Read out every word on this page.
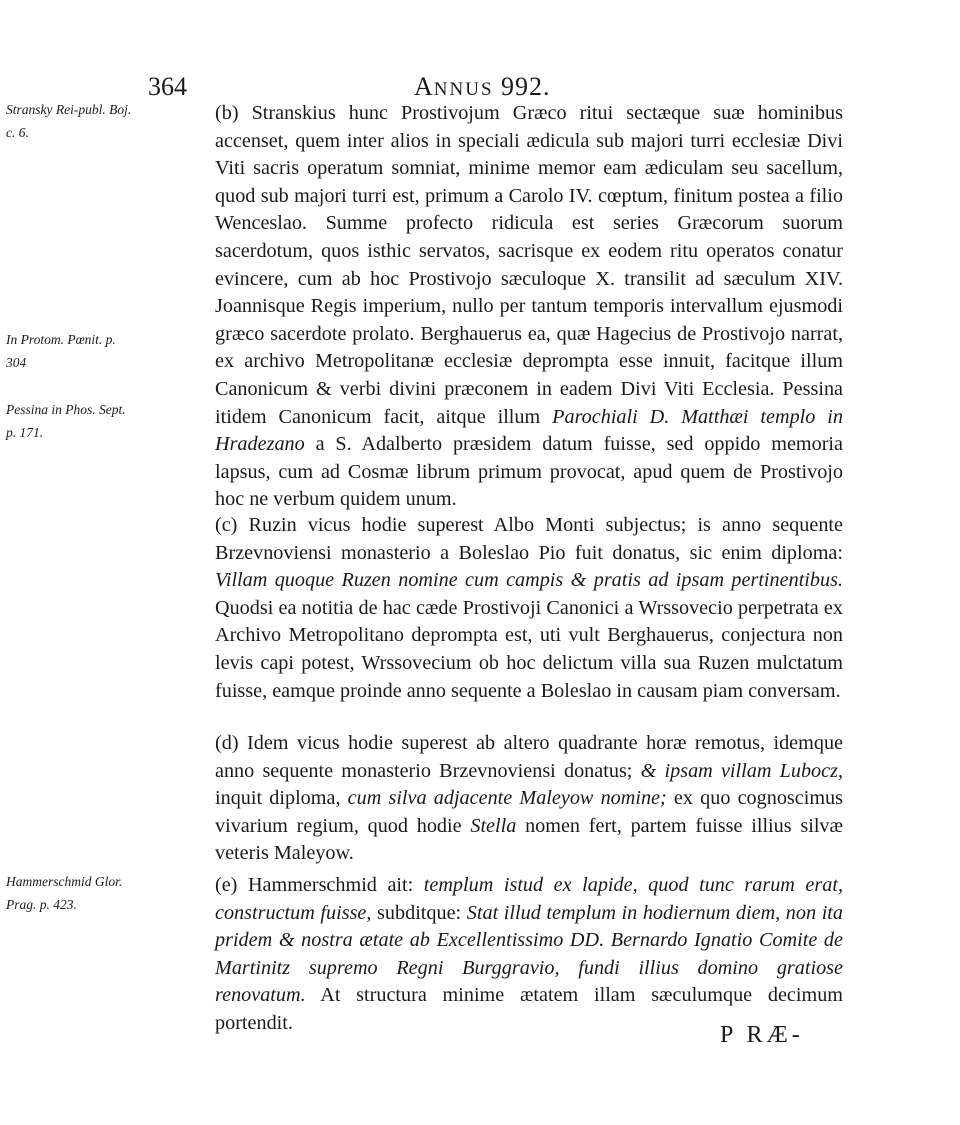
364	ANNUS 992.
Stransky Rei-publ. Boj. c. 6.
In Protom. Pœnit. p. 304
Pessina in Phos. Sept. p. 171.
Hammerschmid Glor. Prag. p. 423.

(b) Stranskius hunc Prostivojum Græco ritui sectæque suæ hominibus accenset, quem inter alios in speciali ædicula sub majori turri ecclesiæ Divi Viti sacris operatum somniat, minime memor eam ædiculam seu sacellum, quod sub majori turri est, primum a Carolo IV. cœptum, finitum postea a filio Wenceslao. Summe profecto ridicula est series Græcorum suorum sacerdotum, quos isthic servatos, sacrisque ex eodem ritu operatos conatur evincere, cum ab hoc Prostivojo sæculoque X. transilit ad sæculum XIV. Joannisque Regis imperium, nullo per tantum temporis intervallum ejusmodi græco sacerdote prolato. Berghauerus ea, quæ Hagecius de Prostivojo narrat, ex archivo Metropolitanæ ecclesiæ deprompta esse innuit, facitque illum Canonicum & verbi divini præconem in eadem Divi Viti Ecclesia. Pessina itidem Canonicum facit, aitque illum Parochiali D. Matthæi templo in Hradezano a S. Adalberto præsidem datum fuisse, sed oppido memoria lapsus, cum ad Cosmæ librum primum provocat, apud quem de Prostivojo hoc ne verbum quidem unum.

(c) Ruzin vicus hodie superest Albo Monti subjectus; is anno sequente Brzevnoviensi monasterio a Boleslao Pio fuit donatus, sic enim diploma: Villam quoque Ruzen nomine cum campis & pratis ad ipsam pertinentibus. Quodsi ea notitia de hac cæde Prostivoji Canonici a Wrssovecio perpetrata ex Archivo Metropolitano deprompta est, uti vult Berghauerus, conjectura non levis capi potest, Wrssovecium ob hoc delictum villa sua Ruzen mulctatum fuisse, eamque proinde anno sequente a Boleslao in causam piam conversam.

(d) Idem vicus hodie superest ab altero quadrante horæ remotus, idemque anno sequente monasterio Brzevnoviensi donatus; & ipsam villam Lubocz, inquit diploma, cum silva adjacente Maleyow nomine; ex quo cognoscimus vivarium regium, quod hodie Stella nomen fert, partem fuisse illius silvæ veteris Maleyow.

(e) Hammerschmid ait: templum istud ex lapide, quod tunc rarum erat, constructum fuisse, subditque: Stat illud templum in hodiernum diem, non ita pridem & nostra ætate ab Excellentissimo DD. Bernardo Ignatio Comite de Martinitz supremo Regni Burggravio, fundi illius domino gratiose renovatum. At structura minime ætatem illam sæculumque decimum portendit.	P RÆ-
